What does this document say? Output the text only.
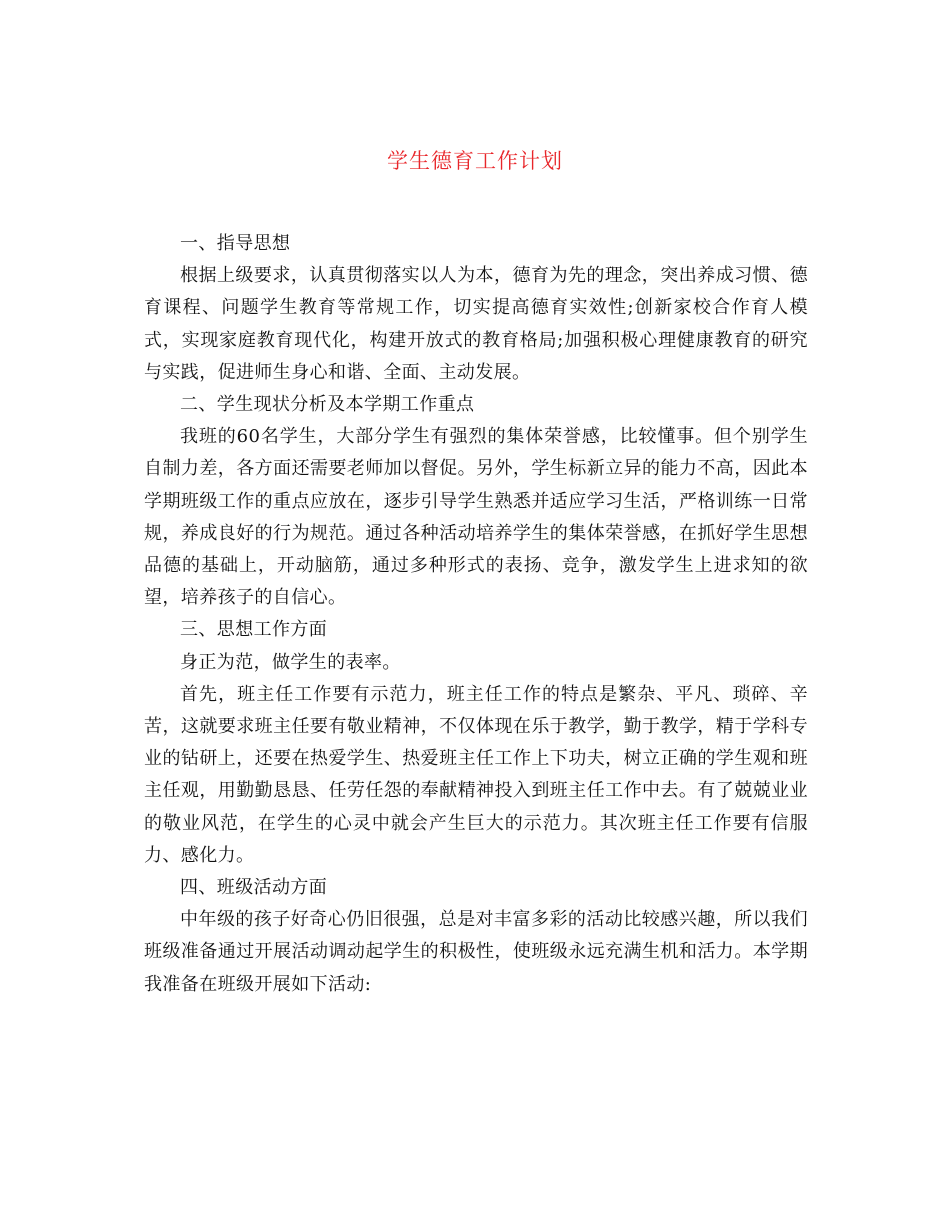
学生德育工作计划

一、指导思想

根据上级要求，认真贯彻落实以人为本，德育为先的理念，突出养成习惯、德育课程、问题学生教育等常规工作，切实提高德育实效性;创新家校合作育人模式，实现家庭教育现代化，构建开放式的教育格局;加强积极心理健康教育的研究与实践，促进师生身心和谐、全面、主动发展。

二、学生现状分析及本学期工作重点

我班的60名学生，大部分学生有强烈的集体荣誉感，比较懂事。但个别学生自制力差，各方面还需要老师加以督促。另外，学生标新立异的能力不高，因此本学期班级工作的重点应放在，逐步引导学生熟悉并适应学习生活，严格训练一日常规，养成良好的行为规范。通过各种活动培养学生的集体荣誉感，在抓好学生思想品德的基础上，开动脑筋，通过多种形式的表扬、竞争，激发学生上进求知的欲望，培养孩子的自信心。

三、思想工作方面

身正为范，做学生的表率。

首先，班主任工作要有示范力，班主任工作的特点是繁杂、平凡、琐碎、辛苦，这就要求班主任要有敬业精神，不仅体现在乐于教学，勤于教学，精于学科专业的钻研上，还要在热爱学生、热爱班主任工作上下功夫，树立正确的学生观和班主任观，用勤勤恳恳、任劳任怨的奉献精神投入到班主任工作中去。有了兢兢业业的敬业风范，在学生的心灵中就会产生巨大的示范力。其次班主任工作要有信服力、感化力。

四、班级活动方面

中年级的孩子好奇心仍旧很强，总是对丰富多彩的活动比较感兴趣，所以我们班级准备通过开展活动调动起学生的积极性，使班级永远充满生机和活力。本学期我准备在班级开展如下活动:
